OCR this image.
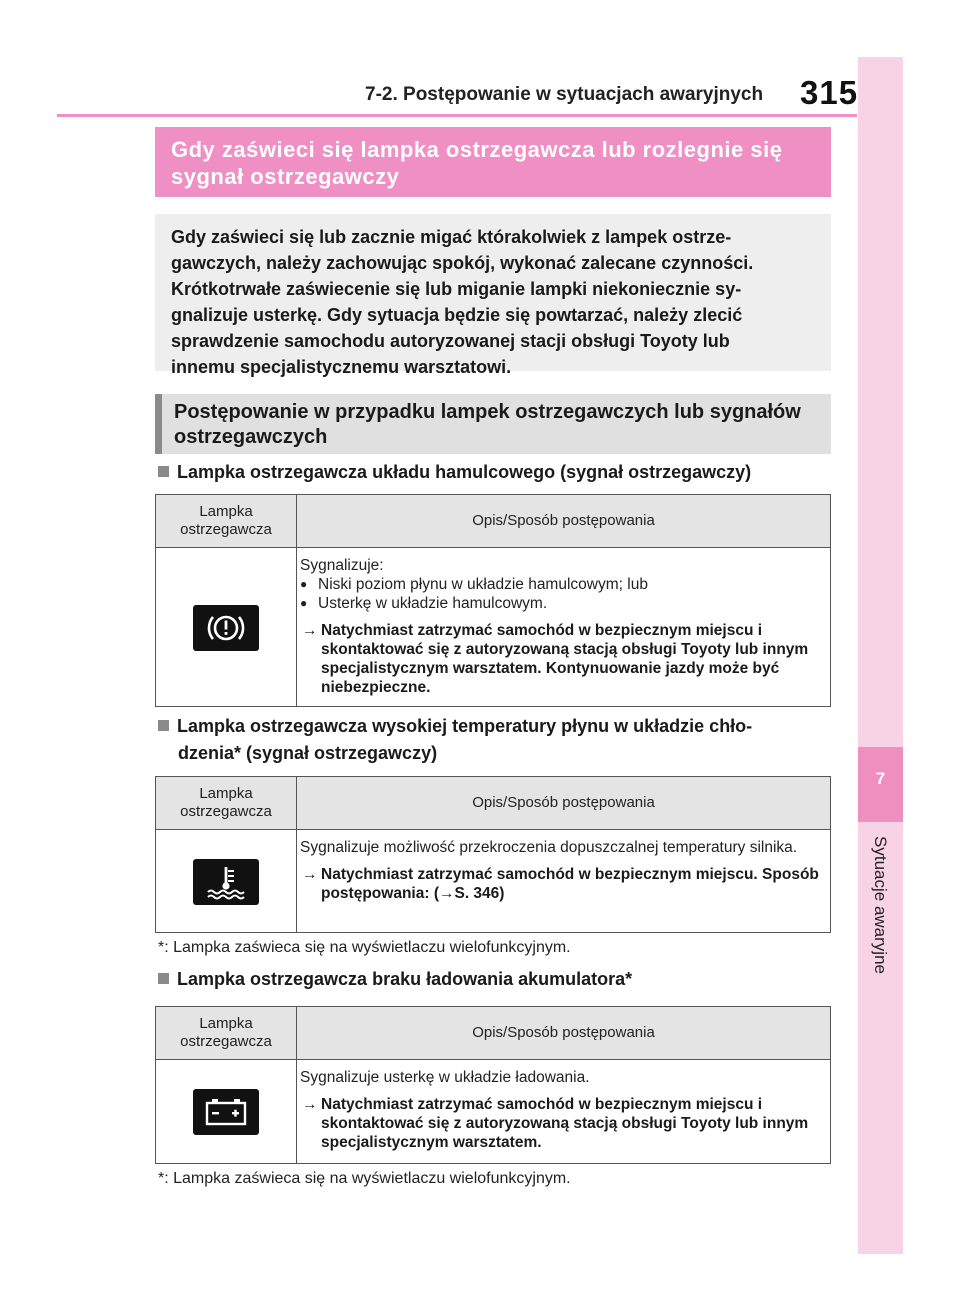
7-2. Postępowanie w sytuacjach awaryjnych 315
7
Sytuacje awaryjne
Gdy zaświeci się lampka ostrzegawcza lub rozlegnie się sygnał ostrzegawczy
Gdy zaświeci się lub zacznie migać którakolwiek z lampek ostrze-
gawczych, należy zachowując spokój, wykonać zalecane czynności.
Krótkotrwałe zaświecenie się lub miganie lampki niekoniecznie sy-
gnalizuje usterkę. Gdy sytuacja będzie się powtarzać, należy zlecić
sprawdzenie samochodu autoryzowanej stacji obsługi Toyoty lub
innemu specjalistycznemu warsztatowi.
Postępowanie w przypadku lampek ostrzegawczych lub sygnałów ostrzegawczych
Lampka ostrzegawcza układu hamulcowego (sygnał ostrzegawczy)
Lampka ostrzegawcza
Opis/Sposób postępowania
Sygnalizuje:
● Niski poziom płynu w układzie hamulcowym; lub
● Usterkę w układzie hamulcowym.
→ Natychmiast zatrzymać samochód w bezpiecznym miejscu i skontaktować się z autoryzowaną stacją obsługi Toyoty lub innym specjalistycznym warsztatem. Kontynuowanie jazdy może być niebezpieczne.
Lampka ostrzegawcza wysokiej temperatury płynu w układzie chło-
dzenia* (sygnał ostrzegawczy)
Lampka ostrzegawcza
Opis/Sposób postępowania
Sygnalizuje możliwość przekroczenia dopuszczalnej temperatury silnika.
→ Natychmiast zatrzymać samochód w bezpiecznym miejscu. Sposób postępowania: (→S. 346)
*: Lampka zaświeca się na wyświetlaczu wielofunkcyjnym.
Lampka ostrzegawcza braku ładowania akumulatora*
Lampka ostrzegawcza
Opis/Sposób postępowania
Sygnalizuje usterkę w układzie ładowania.
→ Natychmiast zatrzymać samochód w bezpiecznym miejscu i skontaktować się z autoryzowaną stacją obsługi Toyoty lub innym specjalistycznym warsztatem.
*: Lampka zaświeca się na wyświetlaczu wielofunkcyjnym.
